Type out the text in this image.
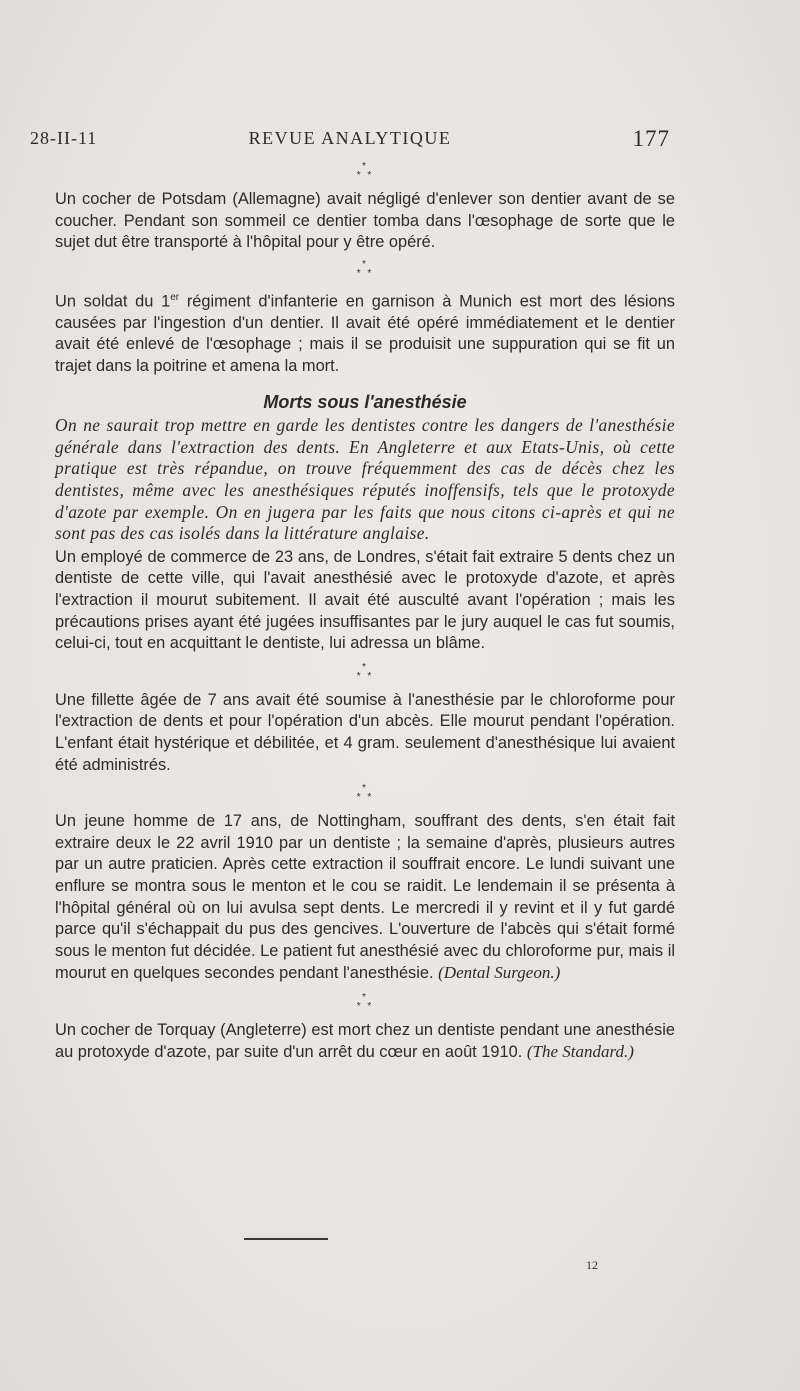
28-II-11	REVUE ANALYTIQUE	177
*
* *

Un cocher de Potsdam (Allemagne) avait négligé d'enlever son dentier avant de se coucher. Pendant son sommeil ce dentier tomba dans l'œsophage de sorte que le sujet dut être transporté à l'hôpital pour y être opéré.

*
* *

Un soldat du 1er régiment d'infanterie en garnison à Munich est mort des lésions causées par l'ingestion d'un dentier. Il avait été opéré immédiatement et le dentier avait été enlevé de l'œsophage ; mais il se produisit une suppuration qui se fit un trajet dans la poitrine et amena la mort.

Morts sous l'anesthésie

On ne saurait trop mettre en garde les dentistes contre les dangers de l'anesthésie générale dans l'extraction des dents. En Angleterre et aux Etats-Unis, où cette pratique est très répandue, on trouve fréquemment des cas de décès chez les dentistes, même avec les anesthésiques réputés inoffensifs, tels que le protoxyde d'azote par exemple. On en jugera par les faits que nous citons ci-après et qui ne sont pas des cas isolés dans la littérature anglaise.

Un employé de commerce de 23 ans, de Londres, s'était fait extraire 5 dents chez un dentiste de cette ville, qui l'avait anesthésié avec le protoxyde d'azote, et après l'extraction il mourut subitement. Il avait été ausculté avant l'opération ; mais les précautions prises ayant été jugées insuffisantes par le jury auquel le cas fut soumis, celui-ci, tout en acquittant le dentiste, lui adressa un blâme.

*
* *

Une fillette âgée de 7 ans avait été soumise à l'anesthésie par le chloroforme pour l'extraction de dents et pour l'opération d'un abcès. Elle mourut pendant l'opération. L'enfant était hystérique et débilitée, et 4 gram. seulement d'anesthésique lui avaient été administrés.

*
* *

Un jeune homme de 17 ans, de Nottingham, souffrant des dents, s'en était fait extraire deux le 22 avril 1910 par un dentiste ; la semaine d'après, plusieurs autres par un autre praticien. Après cette extraction il souffrait encore. Le lundi suivant une enflure se montra sous le menton et le cou se raidit. Le lendemain il se présenta à l'hôpital général où on lui avulsa sept dents. Le mercredi il y revint et il y fut gardé parce qu'il s'échappait du pus des gencives. L'ouverture de l'abcès qui s'était formé sous le menton fut décidée. Le patient fut anesthésié avec du chloroforme pur, mais il mourut en quelques secondes pendant l'anesthésie. (Dental Surgeon.)

*
* *

Un cocher de Torquay (Angleterre) est mort chez un dentiste pendant une anesthésie au protoxyde d'azote, par suite d'un arrêt du cœur en août 1910. (The Standard.)

12
